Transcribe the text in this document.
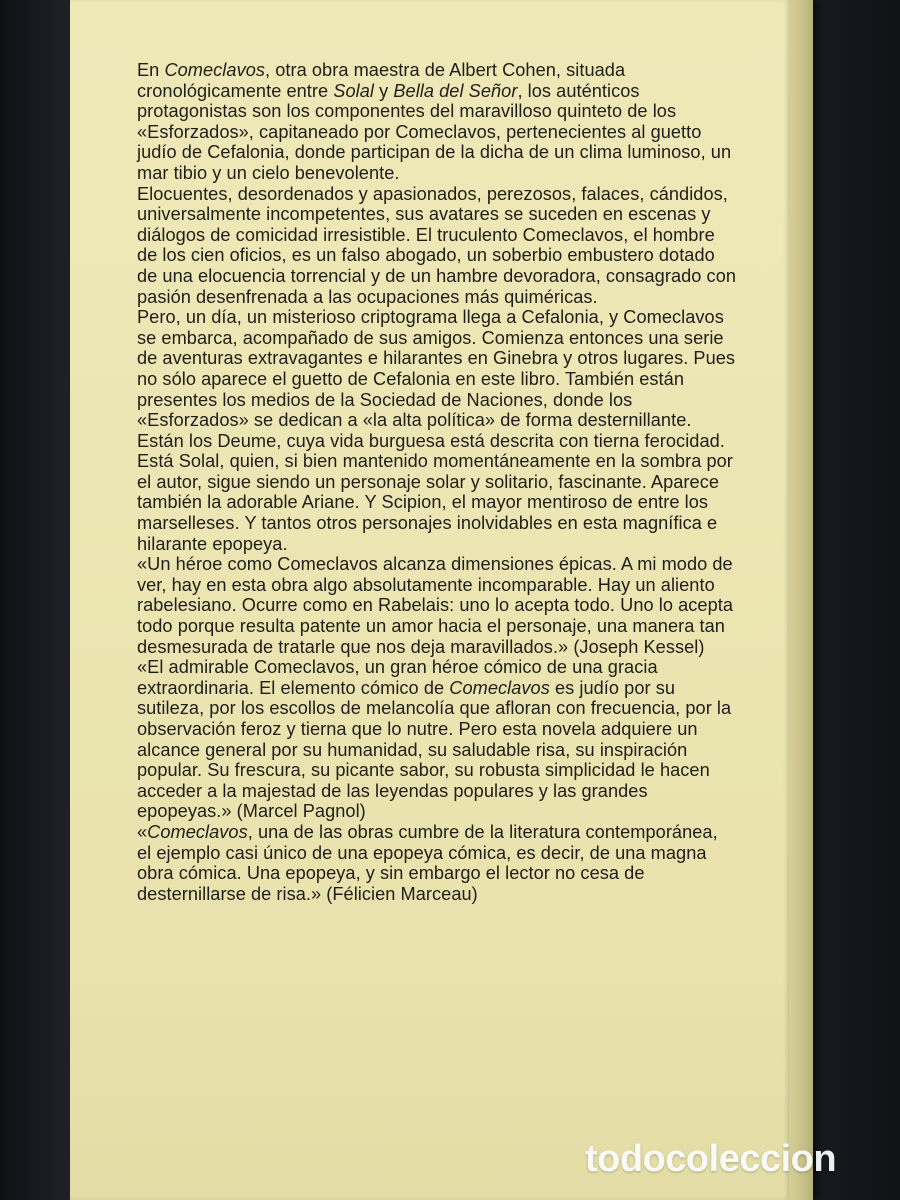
En Comeclavos, otra obra maestra de Albert Cohen, situada cronológicamente entre Solal y Bella del Señor, los auténticos protagonistas son los componentes del maravilloso quinteto de los «Esforzados», capitaneado por Comeclavos, pertenecientes al guetto judío de Cefalonia, donde participan de la dicha de un clima luminoso, un mar tibio y un cielo benevolente.

Elocuentes, desordenados y apasionados, perezosos, falaces, cándidos, universalmente incompetentes, sus avatares se suceden en escenas y diálogos de comicidad irresistible. El truculento Comeclavos, el hombre de los cien oficios, es un falso abogado, un soberbio embustero dotado de una elocuencia torrencial y de un hambre devoradora, consagrado con pasión desenfrenada a las ocupaciones más quiméricas.

Pero, un día, un misterioso criptograma llega a Cefalonia, y Comeclavos se embarca, acompañado de sus amigos. Comienza entonces una serie de aventuras extravagantes e hilarantes en Ginebra y otros lugares. Pues no sólo aparece el guetto de Cefalonia en este libro. También están presentes los medios de la Sociedad de Naciones, donde los «Esforzados» se dedican a «la alta política» de forma desternillante. Están los Deume, cuya vida burguesa está descrita con tierna ferocidad. Está Solal, quien, si bien mantenido momentáneamente en la sombra por el autor, sigue siendo un personaje solar y solitario, fascinante. Aparece también la adorable Ariane. Y Scipion, el mayor mentiroso de entre los marselleses. Y tantos otros personajes inolvidables en esta magnífica e hilarante epopeya.

«Un héroe como Comeclavos alcanza dimensiones épicas. A mi modo de ver, hay en esta obra algo absolutamente incomparable. Hay un aliento rabelesiano. Ocurre como en Rabelais: uno lo acepta todo. Uno lo acepta todo porque resulta patente un amor hacia el personaje, una manera tan desmesurada de tratarle que nos deja maravillados.» (Joseph Kessel)

«El admirable Comeclavos, un gran héroe cómico de una gracia extraordinaria. El elemento cómico de Comeclavos es judío por su sutileza, por los escollos de melancolía que afloran con frecuencia, por la observación feroz y tierna que lo nutre. Pero esta novela adquiere un alcance general por su humanidad, su saludable risa, su inspiración popular. Su frescura, su picante sabor, su robusta simplicidad le hacen acceder a la majestad de las leyendas populares y las grandes epopeyas.» (Marcel Pagnol)

«Comeclavos, una de las obras cumbre de la literatura contemporánea, el ejemplo casi único de una epopeya cómica, es decir, de una magna obra cómica. Una epopeya, y sin embargo el lector no cesa de desternillarse de risa.» (Félicien Marceau)

todocoleccion
